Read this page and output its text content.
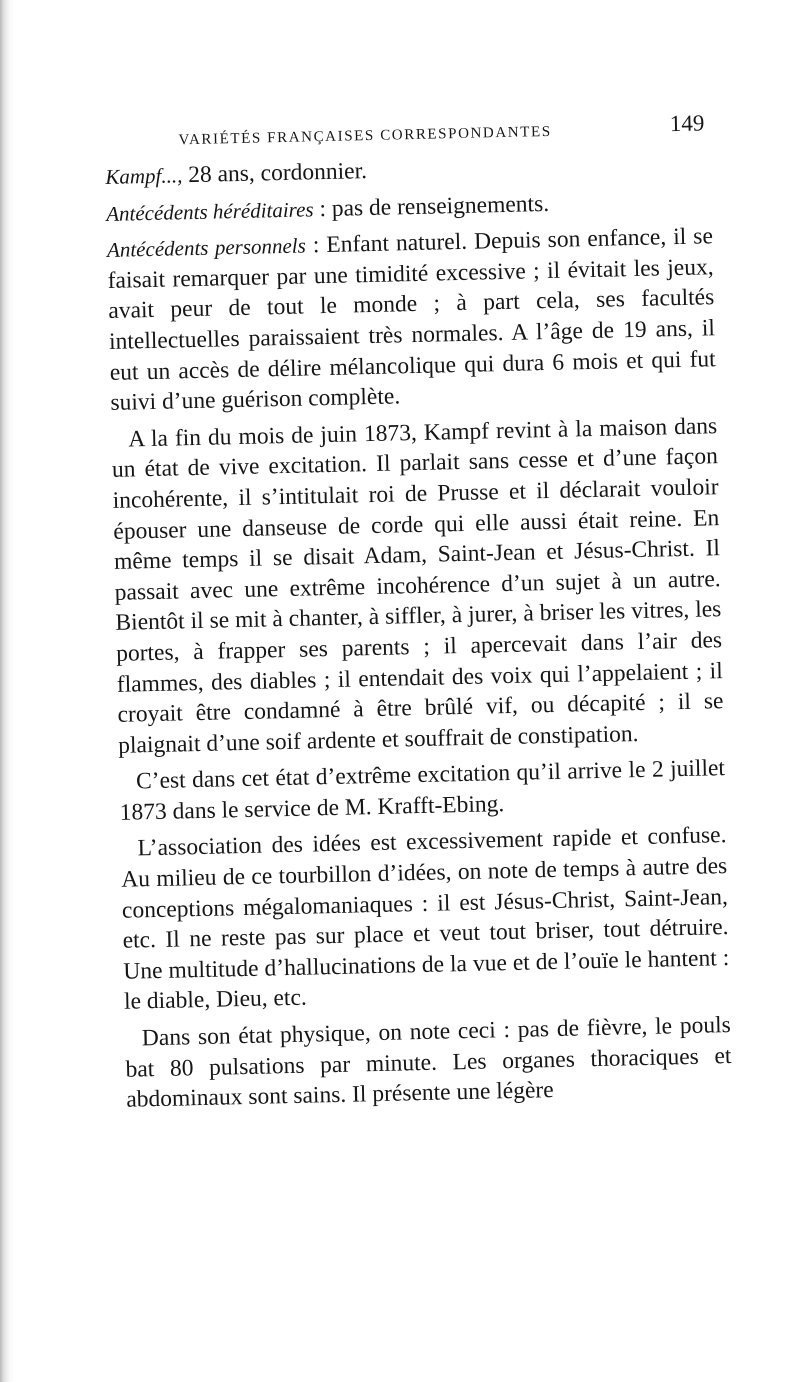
VARIÉTÉS FRANÇAISES CORRESPONDANTES	149

Kampf..., 28 ans, cordonnier.

Antécédents héréditaires : pas de renseignements.

Antécédents personnels : Enfant naturel. Depuis son enfance, il se faisait remarquer par une timidité excessive ; il évitait les jeux, avait peur de tout le monde ; à part cela, ses facultés intellectuelles paraissaient très normales. A l’âge de 19 ans, il eut un accès de délire mélancolique qui dura 6 mois et qui fut suivi d’une guérison complète.

A la fin du mois de juin 1873, Kampf revint à la maison dans un état de vive excitation. Il parlait sans cesse et d’une façon incohérente, il s’intitulait roi de Prusse et il déclarait vouloir épouser une danseuse de corde qui elle aussi était reine. En même temps il se disait Adam, Saint-Jean et Jésus-Christ. Il passait avec une extrême incohérence d’un sujet à un autre. Bientôt il se mit à chanter, à siffler, à jurer, à briser les vitres, les portes, à frapper ses parents ; il apercevait dans l’air des flammes, des diables ; il entendait des voix qui l’appelaient ; il croyait être condamné à être brûlé vif, ou décapité ; il se plaignait d’une soif ardente et souffrait de constipation.

C’est dans cet état d’extrême excitation qu’il arrive le 2 juillet 1873 dans le service de M. Krafft-Ebing.

L’association des idées est excessivement rapide et confuse. Au milieu de ce tourbillon d’idées, on note de temps à autre des conceptions mégalomaniaques : il est Jésus-Christ, Saint-Jean, etc. Il ne reste pas sur place et veut tout briser, tout détruire. Une multitude d’hallucinations de la vue et de l’ouïe le hantent : le diable, Dieu, etc.

Dans son état physique, on note ceci : pas de fièvre, le pouls bat 80 pulsations par minute. Les organes thoraciques et abdominaux sont sains. Il présente une légère
